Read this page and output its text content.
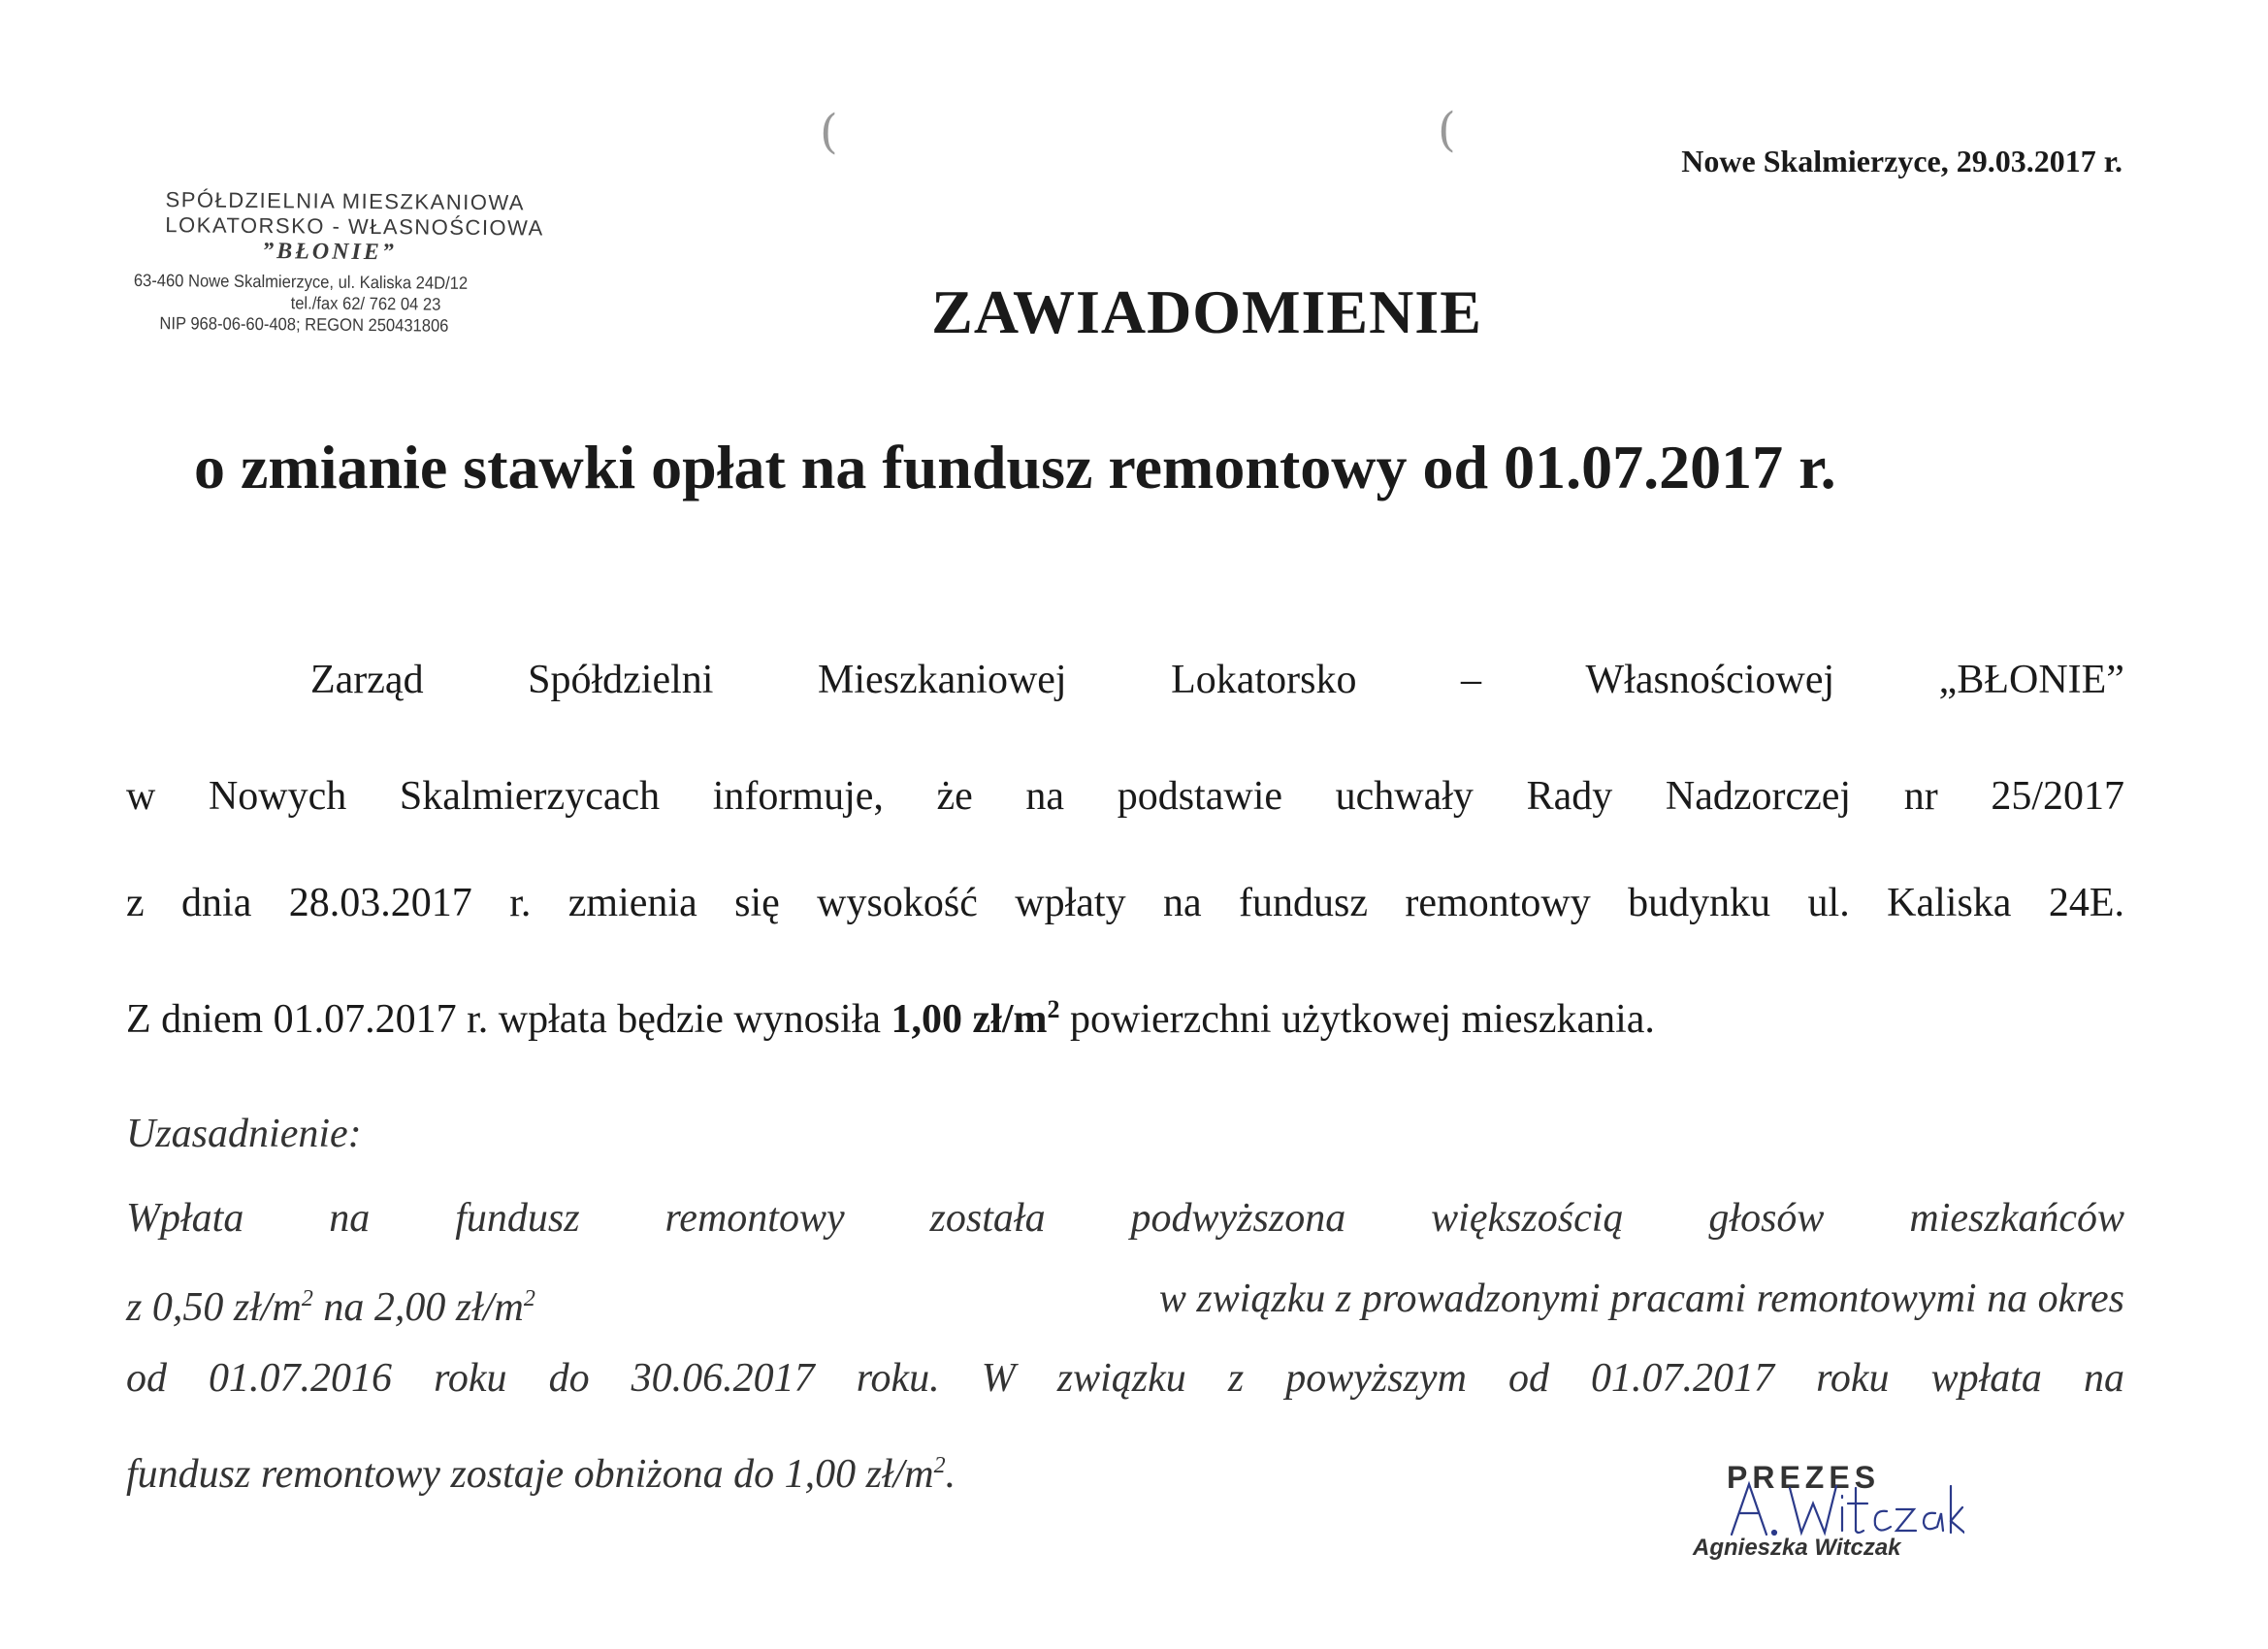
SPÓŁDZIELNIA MIESZKANIOWA
LOKATORSKO - WŁASNOŚCIOWA
”BŁONIE”
63-460 Nowe Skalmierzyce, ul. Kaliska 24D/12
tel./fax 62/ 762 04 23
NIP 968-06-60-408; REGON 250431806
(	(
Nowe Skalmierzyce, 29.03.2017 r.
ZAWIADOMIENIE
o zmianie stawki opłat na fundusz remontowy od 01.07.2017 r.
Zarząd	Spółdzielni	Mieszkaniowej	Lokatorsko	–	Własnościowej	„BŁONIE”
w Nowych Skalmierzycach informuje, że na podstawie uchwały Rady Nadzorczej nr 25/2017
z dnia 28.03.2017 r. zmienia się wysokość wpłaty na fundusz remontowy budynku ul. Kaliska 24E.
Z dniem 01.07.2017 r. wpłata będzie wynosiła 1,00 $zł/m^2$ powierzchni użytkowej mieszkania.
Uzasadnienie:
Wpłata na fundusz remontowy została podwyższona większością głosów mieszkańców
z 0,50 $zł/m^2$ na 2,00 $zł/m^2$	w związku z prowadzonymi pracami remontowymi na okres
od 01.07.2016 roku do 30.06.2017 roku. W związku z powyższym od 01.07.2017 roku wpłata na
fundusz remontowy zostaje obniżona do 1,00 $zł/m^2$.	PREZES
Agnieszka Witczak
